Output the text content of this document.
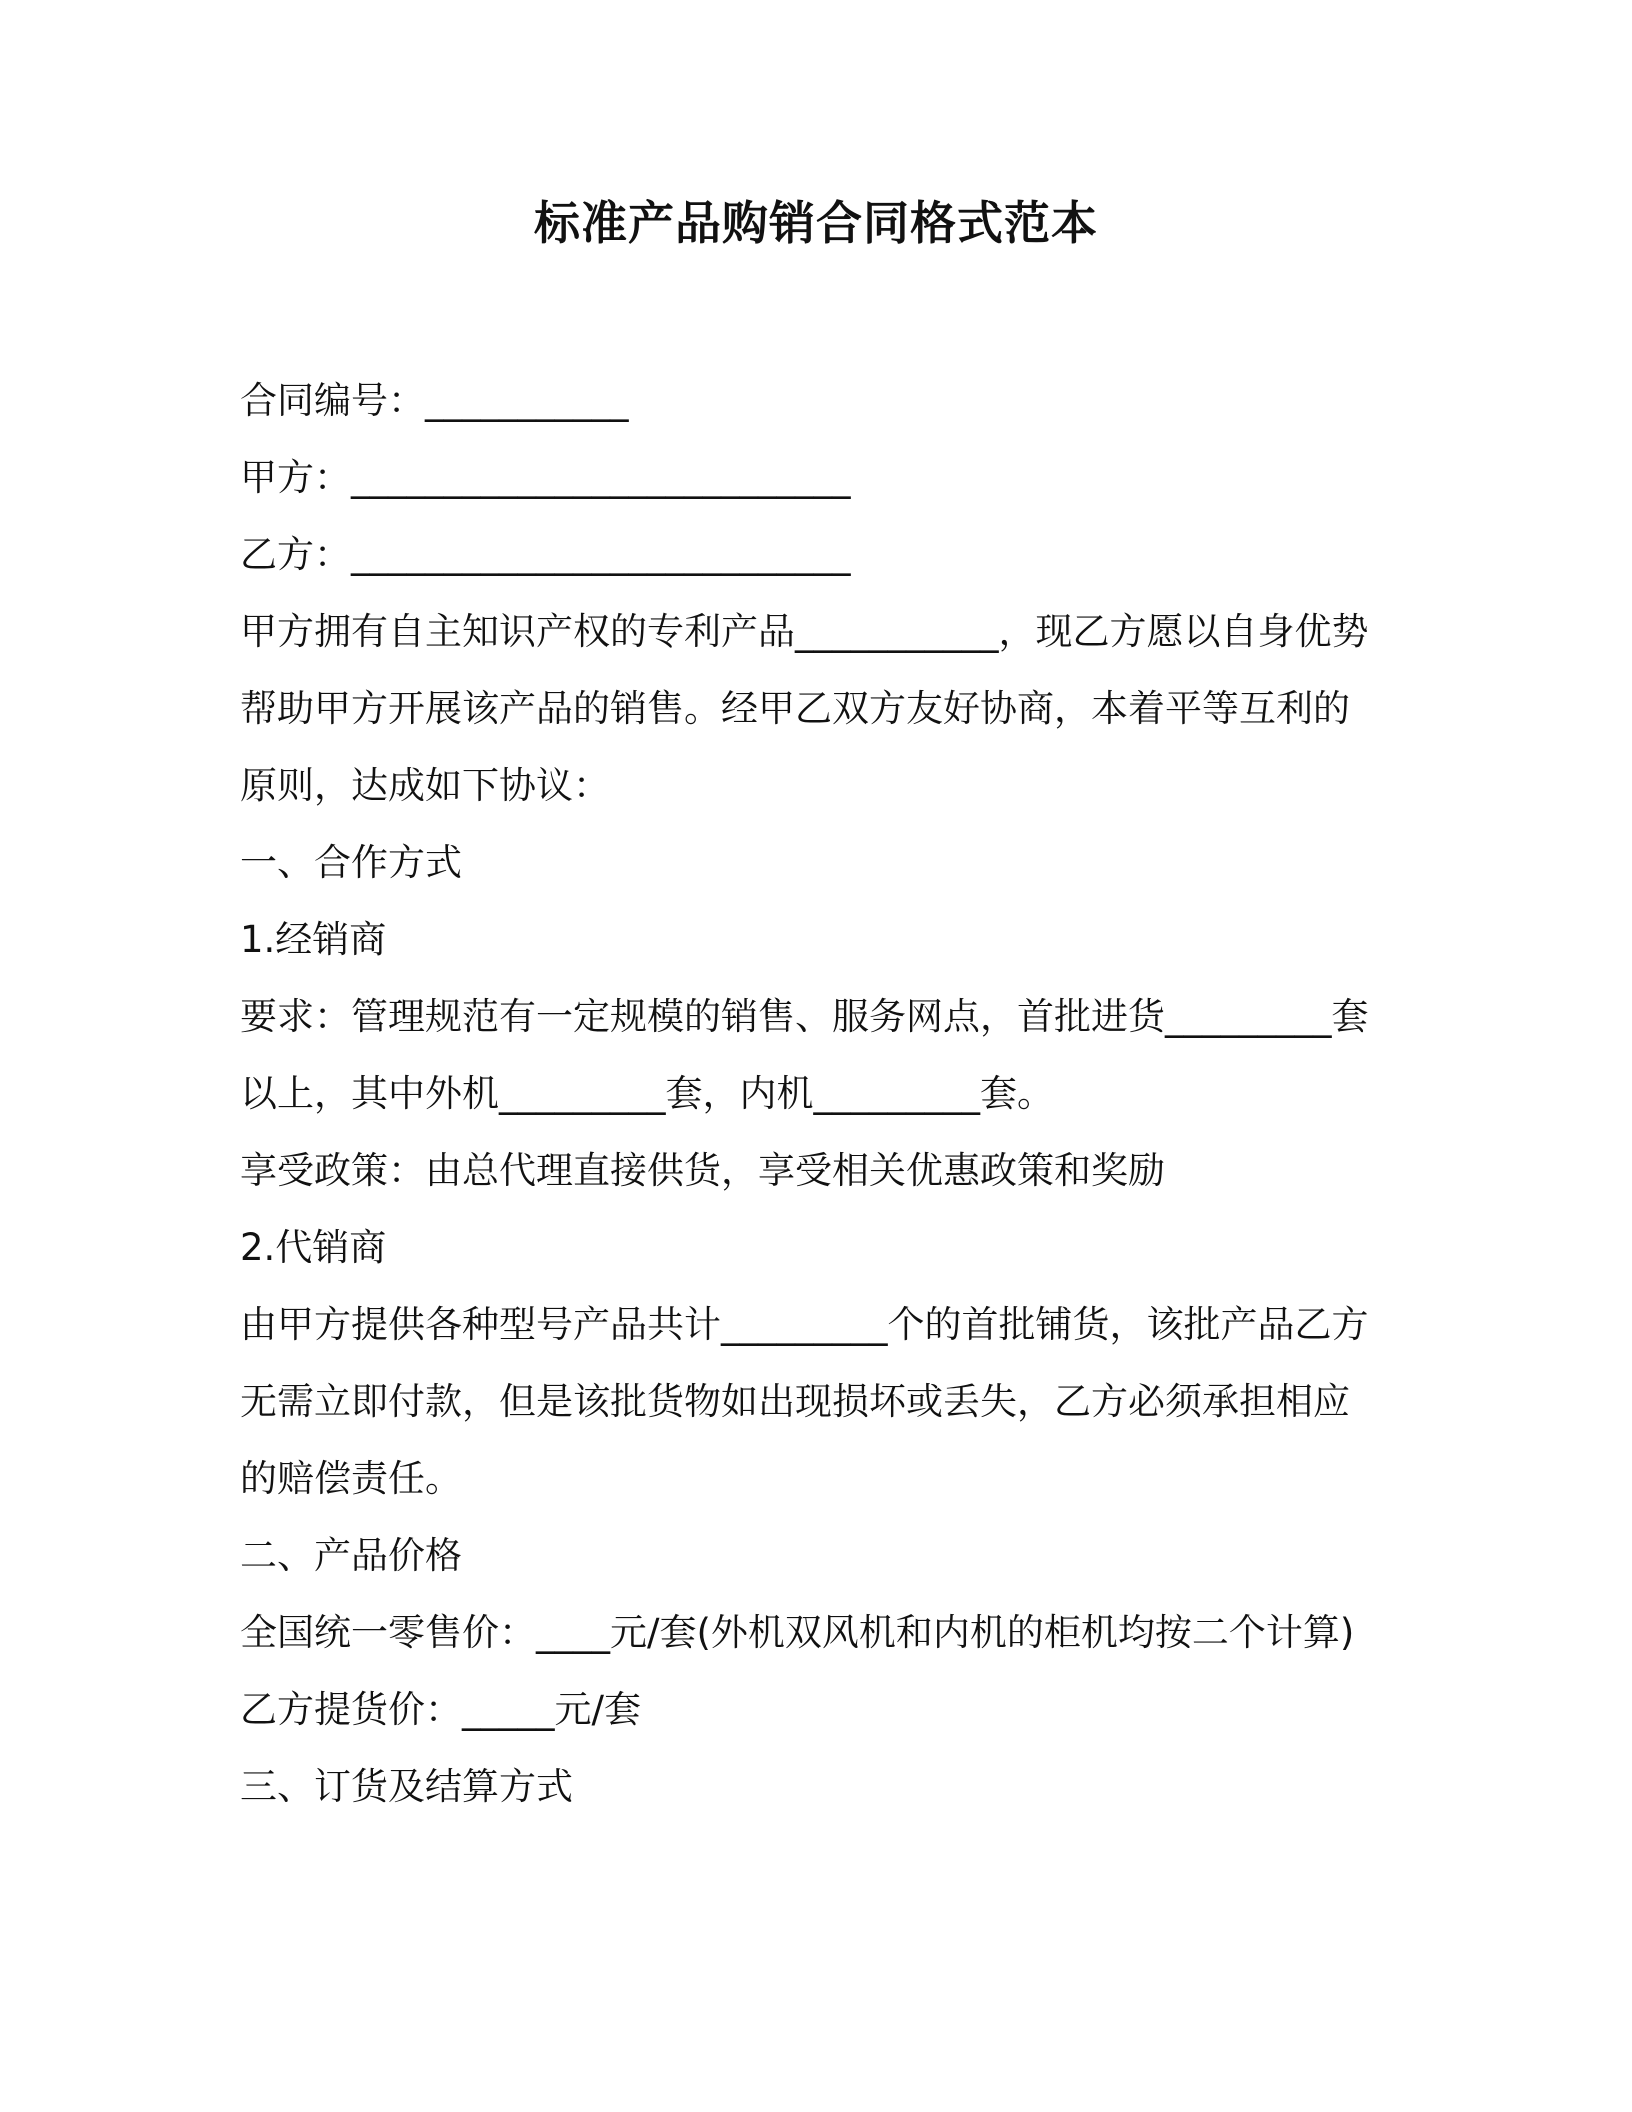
标准产品购销合同格式范本
合同编号：___________
甲方：___________________________
乙方：___________________________
甲方拥有自主知识产权的专利产品___________，现乙方愿以自身优势
帮助甲方开展该产品的销售。经甲乙双方友好协商，本着平等互利的
原则，达成如下协议：
一、合作方式
1.经销商
要求：管理规范有一定规模的销售、服务网点，首批进货_________套
以上，其中外机_________套，内机_________套。
享受政策：由总代理直接供货，享受相关优惠政策和奖励
2.代销商
由甲方提供各种型号产品共计_________个的首批铺货，该批产品乙方
无需立即付款，但是该批货物如出现损坏或丢失，乙方必须承担相应
的赔偿责任。
二、产品价格
全国统一零售价：____元/套(外机双风机和内机的柜机均按二个计算)
乙方提货价：_____元/套
三、订货及结算方式
